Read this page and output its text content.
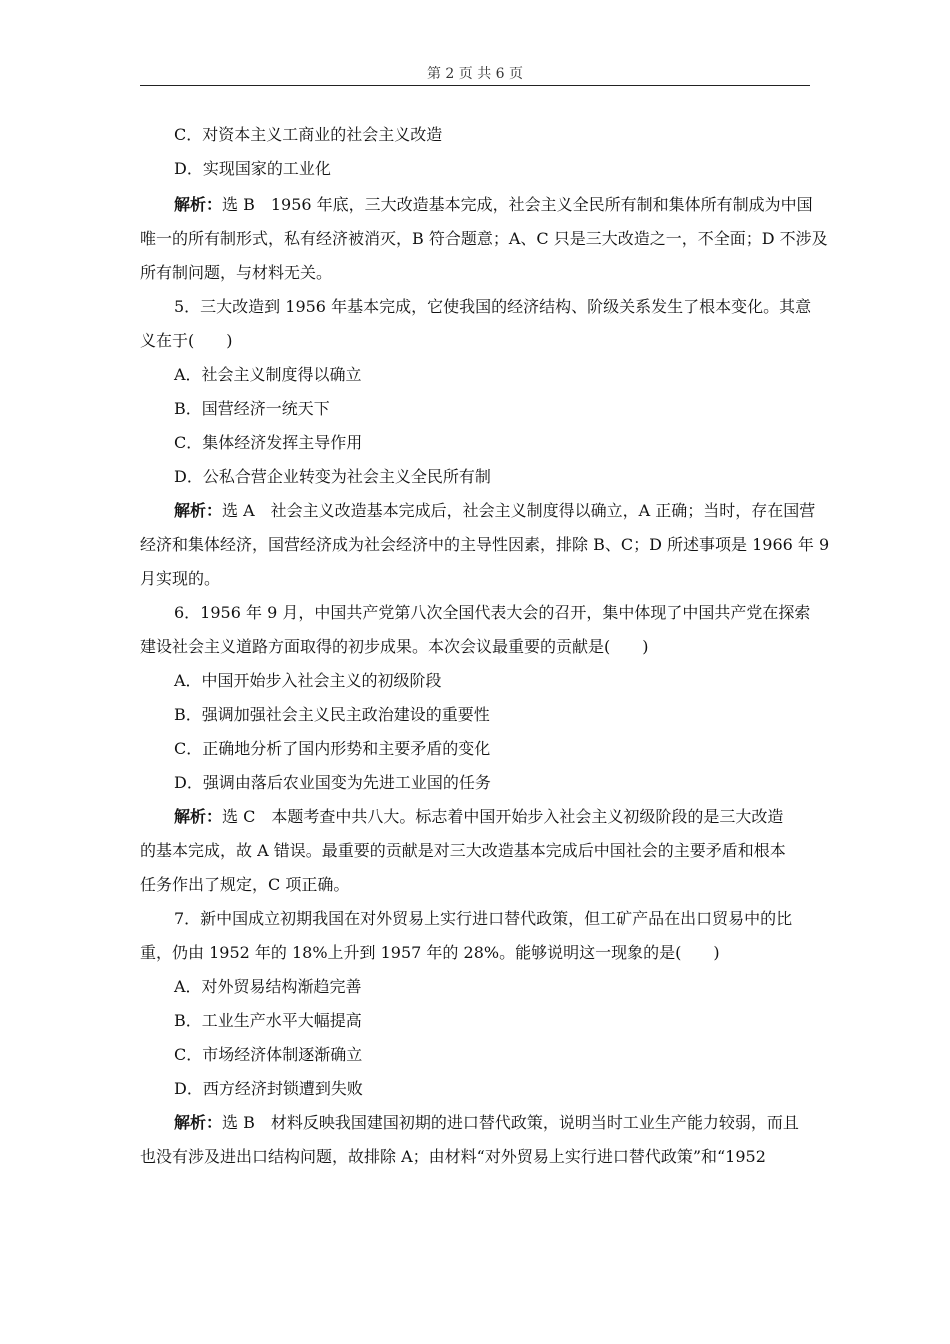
第 2 页 共 6 页
C．对资本主义工商业的社会主义改造
D．实现国家的工业化
解析：选 B　1956 年底，三大改造基本完成，社会主义全民所有制和集体所有制成为中国
唯一的所有制形式，私有经济被消灭，B 符合题意；A、C 只是三大改造之一，不全面；D 不涉及
所有制问题，与材料无关。
5．三大改造到 1956 年基本完成，它使我国的经济结构、阶级关系发生了根本变化。其意
义在于(　　)
A．社会主义制度得以确立
B．国营经济一统天下
C．集体经济发挥主导作用
D．公私合营企业转变为社会主义全民所有制
解析：选 A　社会主义改造基本完成后，社会主义制度得以确立，A 正确；当时，存在国营
经济和集体经济，国营经济成为社会经济中的主导性因素，排除 B、C；D 所述事项是 1966 年 9
月实现的。
6．1956 年 9 月，中国共产党第八次全国代表大会的召开，集中体现了中国共产党在探索
建设社会主义道路方面取得的初步成果。本次会议最重要的贡献是(　　)
A．中国开始步入社会主义的初级阶段
B．强调加强社会主义民主政治建设的重要性
C．正确地分析了国内形势和主要矛盾的变化
D．强调由落后农业国变为先进工业国的任务
解析：选 C　本题考查中共八大。标志着中国开始步入社会主义初级阶段的是三大改造
的基本完成，故 A 错误。最重要的贡献是对三大改造基本完成后中国社会的主要矛盾和根本
任务作出了规定，C 项正确。
7．新中国成立初期我国在对外贸易上实行进口替代政策，但工矿产品在出口贸易中的比
重，仍由 1952 年的 18%上升到 1957 年的 28%。能够说明这一现象的是(　　)
A．对外贸易结构渐趋完善
B．工业生产水平大幅提高
C．市场经济体制逐渐确立
D．西方经济封锁遭到失败
解析：选 B　材料反映我国建国初期的进口替代政策，说明当时工业生产能力较弱，而且
也没有涉及进出口结构问题，故排除 A；由材料“对外贸易上实行进口替代政策”和“1952
